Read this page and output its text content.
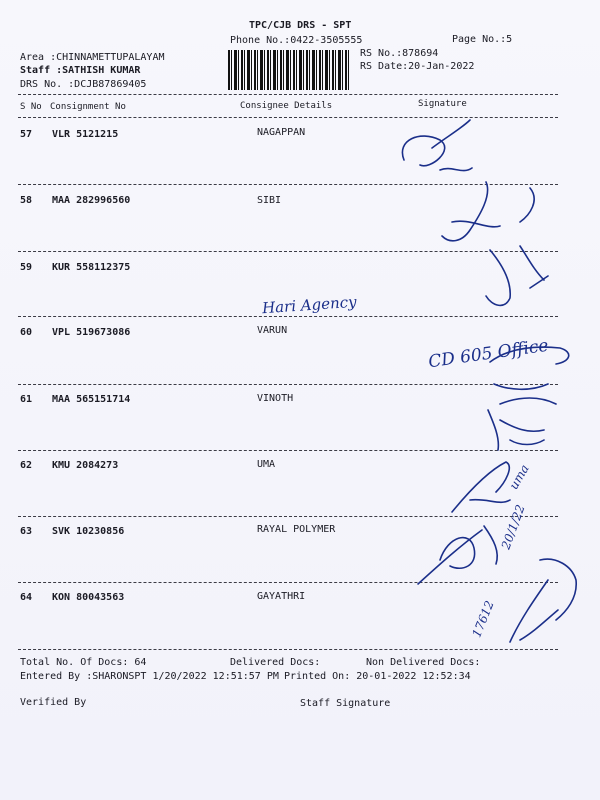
TPC/CJB DRS - SPT
Phone No.:0422-3505555	Page No.:5
Area :CHINNAMETTUPALAYAM
Staff :SATHISH KUMAR
DRS No. :DCJB87869405
RS No.:878694
RS Date:20-Jan-2022
S No Consignment No	Consignee Details	Signature
57 VLR 5121215	NAGAPPAN
58 MAA 282996560	SIBI
59 KUR 558112375
60 VPL 519673086	VARUN
61 MAA 565151714	VINOTH
62 KMU 2084273	UMA
63 SVK 10230856	RAYAL POLYMER
64 KON 80043563	GAYATHRI
Hari Agency
CD 605 Office
uma
20/1/22
17612
Total No. Of Docs: 64	Delivered Docs:	Non Delivered Docs:
Entered By :SHARONSPT 1/20/2022 12:51:57 PM Printed On: 20-01-2022 12:52:34
Verified By	Staff Signature
